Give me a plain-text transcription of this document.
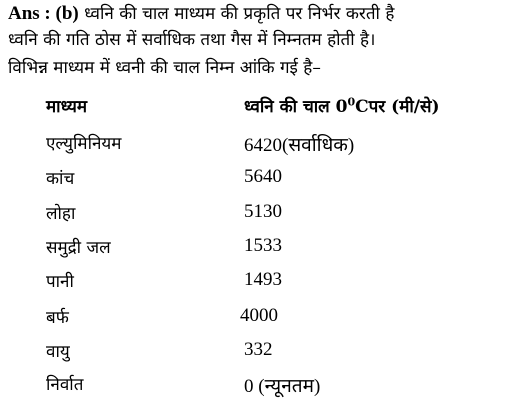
Ans : (b) ध्वनि की चाल माध्यम की प्रकृति पर निर्भर करती है
ध्वनि की गति ठोस में सर्वाधिक तथा गैस में निम्नतम होती है।
विभिन्न माध्यम में ध्वनी की चाल निम्न आंकि गई है–
माध्यम	ध्वनि की चाल $0^0Cपर$ (मी/से)
एल्युमिनियम	6420(सर्वाधिक)
कांच	5640
लोहा	5130
समुद्री जल	1533
पानी	1493
बर्फ	4000
वायु	332
निर्वात	0 (न्यूनतम)
